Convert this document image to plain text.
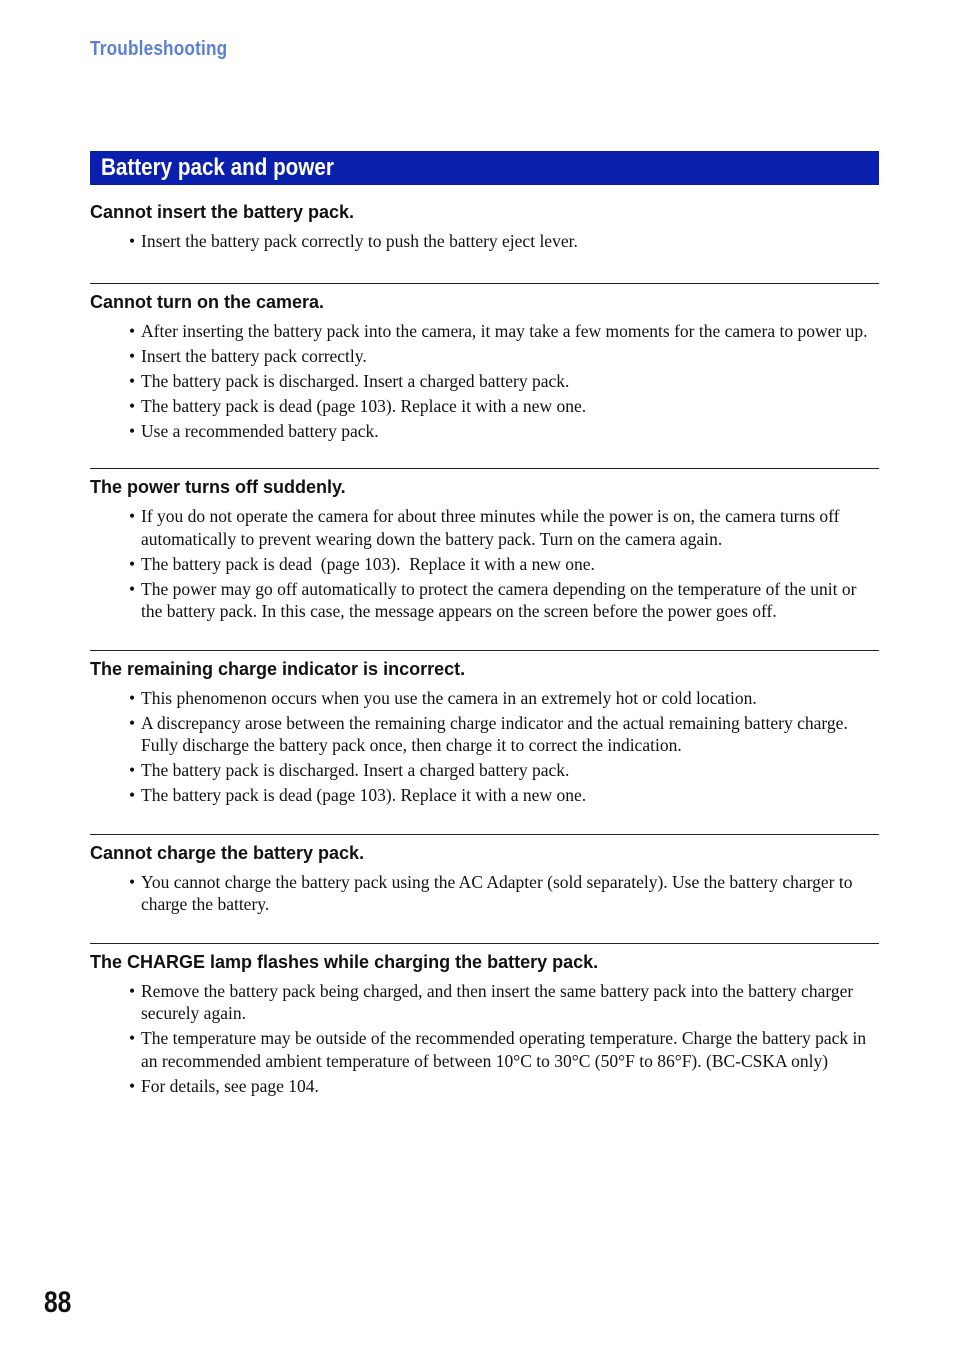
Troubleshooting
Battery pack and power
Cannot insert the battery pack.
• Insert the battery pack correctly to push the battery eject lever.
Cannot turn on the camera.
• After inserting the battery pack into the camera, it may take a few moments for the camera to power up.
• Insert the battery pack correctly.
• The battery pack is discharged. Insert a charged battery pack.
• The battery pack is dead (page 103). Replace it with a new one.
• Use a recommended battery pack.
The power turns off suddenly.
• If you do not operate the camera for about three minutes while the power is on, the camera turns off automatically to prevent wearing down the battery pack. Turn on the camera again.
• The battery pack is dead  (page 103).  Replace it with a new one.
• The power may go off automatically to protect the camera depending on the temperature of the unit or the battery pack. In this case, the message appears on the screen before the power goes off.
The remaining charge indicator is incorrect.
• This phenomenon occurs when you use the camera in an extremely hot or cold location.
• A discrepancy arose between the remaining charge indicator and the actual remaining battery charge. Fully discharge the battery pack once, then charge it to correct the indication.
• The battery pack is discharged. Insert a charged battery pack.
• The battery pack is dead (page 103). Replace it with a new one.
Cannot charge the battery pack.
• You cannot charge the battery pack using the AC Adapter (sold separately). Use the battery charger to charge the battery.
The CHARGE lamp flashes while charging the battery pack.
• Remove the battery pack being charged, and then insert the same battery pack into the battery charger securely again.
• The temperature may be outside of the recommended operating temperature. Charge the battery pack in an recommended ambient temperature of between 10°C to 30°C (50°F to 86°F). (BC-CSKA only)
• For details, see page 104.
88
